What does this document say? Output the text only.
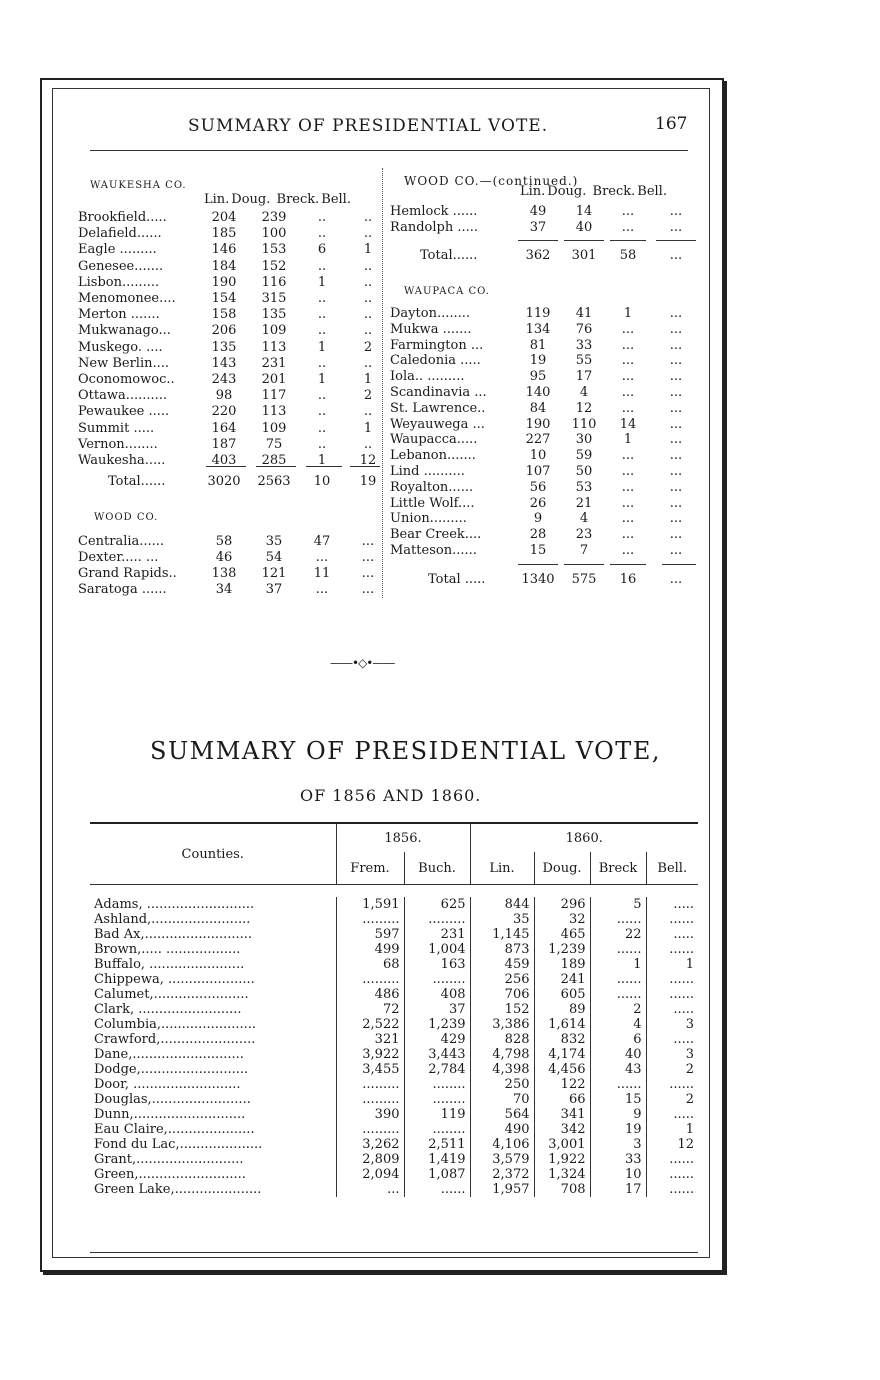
SUMMARY OF PRESIDENTIAL VOTE.	167
WAUKESHA CO.
Lin. Doug. Breck. Bell.
Brookfield.....	204	239	..	..
Delafield......	185	100	..	..
Eagle .........	146	153	6	1
Genesee.......	184	152	..	..
Lisbon.........	190	116	1	..
Menomonee....	154	315	..	..
Merton .......	158	135	..	..
Mukwanago...	206	109	..	..
Muskego. ....	135	113	1	2
New Berlin....	143	231	..	..
Oconomowoc..	243	201	1	1
Ottawa..........	98	117	..	2
Pewaukee .....	220	113	..	..
Summit .....	164	109	..	1
Vernon........	187	75	..	..
Waukesha.....	403	285	1	12
Total......	3020 2563	10	19
WOOD CO.
Centralia......	58	35	47	...
Dexter..... ...	46	54	...	...
Grand Rapids..	138	121	11	...
Saratoga ......	34	37	...	...
WOOD CO.—(continued.)
Lin. Doug. Breck. Bell.
Hemlock ......	49	14	...	...
Randolph .....	37	40	...	...
Total......	362	301	58	...
WAUPACA CO.
Dayton........	119	41	1	...
Mukwa .......	134	76	...	...
Farmington ...	81	33	...	...
Caledonia .....	19	55	...	...
Iola.. .........	95	17	...	...
Scandinavia ...	140	4	...	...
St. Lawrence..	84	12	...	...
Weyauwega ...	190	110	14	...
Waupacca.....	227	30	1	...
Lebanon.......	10	59	...	...
Lind ..........	107	50	...	...
Royalton......	56	53	...	...
Little Wolf....	26	21	...	...
Union.........	9	4	...	...
Bear Creek....	28	23	...	...
Matteson......	15	7	...	...
Total .....	1340	575	16	...
——•◇•——
SUMMARY OF PRESIDENTIAL VOTE,
OF 1856 AND 1860.
Counties.	1856.		1860.			
	Frem.	Buch.	Lin.	Doug.	Breck	Bell.

Adams, ..........................	1,591	625	844	296	5	.....
Ashland,........................	.........	.........	35	32	......	......
Bad Ax,..........................	597	231	1,145	465	22	.....
Brown,..... ..................	499	1,004	873	1,239	......	......
Buffalo, .......................	68	163	459	189	1	1
Chippewa, .....................	.........	........	256	241	......	......
Calumet,.......................	486	408	706	605	......	......
Clark, .........................	72	37	152	89	2	.....
Columbia,.......................	2,522	1,239	3,386	1,614	4	3
Crawford,.......................	321	429	828	832	6	.....
Dane,...........................	3,922	3,443	4,798	4,174	40	3
Dodge,..........................	3,455	2,784	4,398	4,456	43	2
Door, ..........................	.........	........	250	122	......	......
Douglas,........................	.........	........	70	66	15	2
Dunn,...........................	390	119	564	341	9	.....
Eau Claire,.....................	.........	........	490	342	19	1
Fond du Lac,....................	3,262	2,511	4,106	3,001	3	12
Grant,..........................	2,809	1,419	3,579	1,922	33	......
Green,..........................	2,094	1,087	2,372	1,324	10	......
Green Lake,.....................	...	......	1,957	708	17	......
